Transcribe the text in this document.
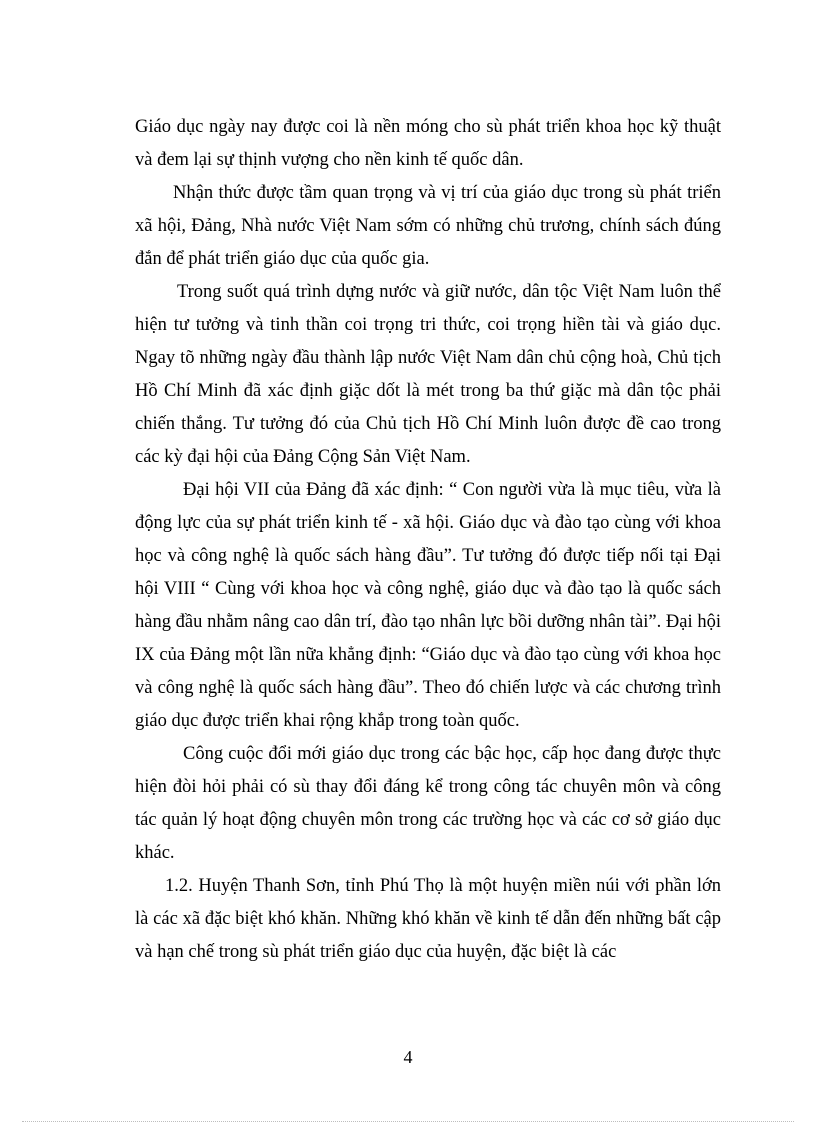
Giáo dục ngày nay được coi là nền móng cho sù phát triển khoa học kỹ thuật và đem lại sự thịnh vượng cho nền kinh tế quốc dân.

Nhận thức được tầm quan trọng và vị trí của giáo dục trong sù phát triển xã hội, Đảng, Nhà nước Việt Nam sớm có những chủ trương, chính sách đúng đắn để phát triển giáo dục của quốc gia.

Trong suốt quá trình dựng nước và giữ nước, dân tộc Việt Nam luôn thể hiện tư tưởng và tinh thần coi trọng tri thức, coi trọng hiền tài và giáo dục. Ngay tõ những ngày đầu thành lập nước Việt Nam dân chủ cộng hoà, Chủ tịch Hồ Chí Minh đã xác định giặc dốt là mét trong ba thứ giặc mà dân tộc phải chiến thắng. Tư tưởng đó của Chủ tịch Hồ Chí Minh luôn được đề cao trong các kỳ đại hội của Đảng Cộng Sản Việt Nam.

Đại hội VII của Đảng đã xác định: “ Con người vừa là mục tiêu, vừa là động lực của sự phát triển kinh tế - xã hội. Giáo dục và đào tạo cùng với khoa học và công nghệ là quốc sách hàng đầu”. Tư tưởng đó được tiếp nối tại Đại hội VIII “ Cùng với khoa học và công nghệ, giáo dục và đào tạo là quốc sách hàng đầu nhằm nâng cao dân trí, đào tạo nhân lực bồi dưỡng nhân tài”. Đại hội IX của Đảng một lần nữa khẳng định: “Giáo dục và đào tạo cùng với khoa học và công nghệ là quốc sách hàng đầu”. Theo đó chiến lược và các chương trình giáo dục được triển khai rộng khắp trong toàn quốc.

Công cuộc đổi mới giáo dục trong các bậc học, cấp học đang được thực hiện đòi hỏi phải có sù thay đổi đáng kể trong công tác chuyên môn và công tác quản lý hoạt động chuyên môn trong các trường học và các cơ sở giáo dục khác.

1.2. Huyện Thanh Sơn, tỉnh Phú Thọ là một huyện miền núi với phần lớn là các xã đặc biệt khó khăn. Những khó khăn về kinh tế dẫn đến những bất cập và hạn chế trong sù phát triển giáo dục của huyện, đặc biệt là các

4
